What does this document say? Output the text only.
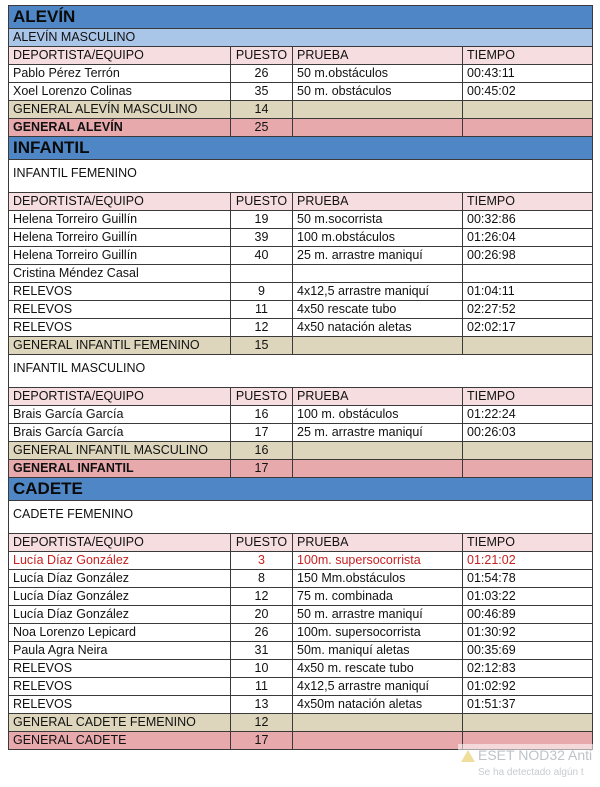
ALEVÍN			
ALEVÍN MASCULINO			
DEPORTISTA/EQUIPO	PUESTO	PRUEBA	TIEMPO
Pablo Pérez Terrón	26	50 m.obstáculos	00:43:11
Xoel Lorenzo Colinas	35	50 m. obstáculos	00:45:02
GENERAL ALEVÍN MASCULINO	14		
GENERAL ALEVÍN	25		
INFANTIL			
INFANTIL FEMENINO			
DEPORTISTA/EQUIPO	PUESTO	PRUEBA	TIEMPO
Helena Torreiro Guillín	19	50 m.socorrista	00:32:86
Helena Torreiro Guillín	39	100 m.obstáculos	01:26:04
Helena Torreiro Guillín	40	25 m. arrastre maniquí	00:26:98
Cristina Méndez Casal			
RELEVOS	9	4x12,5 arrastre maniquí	01:04:11
RELEVOS	11	4x50 rescate tubo	02:27:52
RELEVOS	12	4x50 natación aletas	02:02:17
GENERAL INFANTIL FEMENINO	15		
INFANTIL MASCULINO			
DEPORTISTA/EQUIPO	PUESTO	PRUEBA	TIEMPO
Brais García García	16	100 m. obstáculos	01:22:24
Brais García García	17	25 m. arrastre maniquí	00:26:03
GENERAL INFANTIL MASCULINO	16		
GENERAL INFANTIL	17		
CADETE			
CADETE FEMENINO			
DEPORTISTA/EQUIPO	PUESTO	PRUEBA	TIEMPO
Lucía Díaz González	3	100m. supersocorrista	01:21:02
Lucía Díaz González	8	150 Mm.obstáculos	01:54:78
Lucía Díaz González	12	75 m. combinada	01:03:22
Lucía Díaz González	20	50 m. arrastre maniquí	00:46:89
Noa Lorenzo Lepicard	26	100m. supersocorrista	01:30:92
Paula Agra Neira	31	50m. maniquí aletas	00:35:69
RELEVOS	10	4x50 m. rescate tubo	02:12:83
RELEVOS	11	4x12,5 arrastre maniquí	01:02:92
RELEVOS	13	4x50m natación aletas	01:51:37
GENERAL CADETE FEMENINO	12		
GENERAL CADETE	17		
ESET NOD32 Anti
Se ha detectado algún t
